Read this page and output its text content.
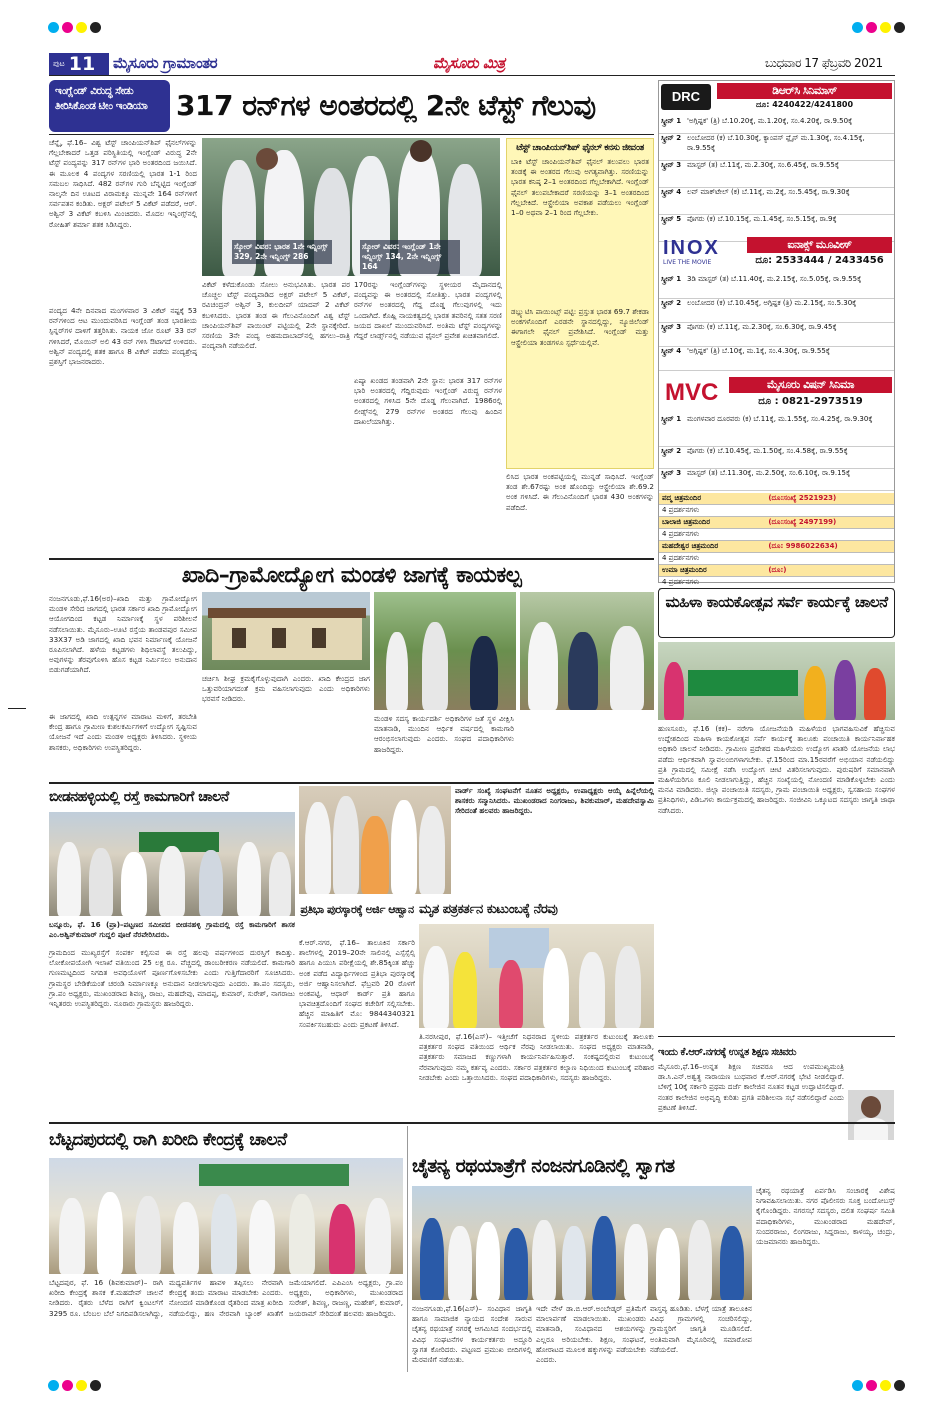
ಪುಟ 11 ಮೈಸೂರು ಗ್ರಾಮಾಂತರ	ಮೈಸೂರು ಮಿತ್ರ	ಬುಧವಾರ 17 ಫೆಬ್ರವರಿ 2021
ಇಂಗ್ಲೆಂಡ್ ವಿರುದ್ಧ ಸೇಡು ತೀರಿಸಿಕೊಂಡ ಟೀಂ ಇಂಡಿಯಾ	317 ರನ್‌ಗಳ ಅಂತರದಲ್ಲಿ 2ನೇ ಟೆಸ್ಟ್ ಗೆಲುವು
ಚೆನ್ನೈ, ಫೆ.16– ವಿಶ್ವ ಟೆಸ್ಟ್ ಚಾಂಪಿಯನ್‌ಶಿಪ್ ಫೈನಲ್‌ಗಳನ್ನು ಗೆಲ್ಲಬೇಕಾದರೆ ಒತ್ತಡ ಪರಿಸ್ಥಿತಿಯಲ್ಲಿ ಇಂಗ್ಲೆಂಡ್ ವಿರುದ್ಧ 2ನೇ ಟೆಸ್ಟ್ ಪಂದ್ಯವನ್ನು 317 ರನ್‌ಗಳ ಭಾರಿ ಅಂತರದಿಂದ ಜಯಿಸಿದೆ. ಈ ಮೂಲಕ 4 ಪಂದ್ಯಗಳ ಸರಣಿಯಲ್ಲಿ ಭಾರತ 1-1 ರಿಂದ ಸಮಬಲ ಸಾಧಿಸಿದೆ. 482 ರನ್‌ಗಳ ಗುರಿ ಬೆನ್ನಟ್ಟಿದ ಇಂಗ್ಲೆಂಡ್ ನಾಲ್ಕನೇ ದಿನ ಊಟದ ವಿರಾಮಕ್ಕೂ ಮುನ್ನವೇ 164 ರನ್‌ಗಳಿಗೆ ಸರ್ವಪತನ ಕಂಡಿತು. ಅಕ್ಷರ್ ಪಟೇಲ್ 5 ವಿಕೆಟ್ ಪಡೆದರೆ, ಆರ್. ಅಶ್ವಿನ್ 3 ವಿಕೆಟ್ ಕಬಳಿಸಿ ಮಿಂಚಿದರು. ಮೊದಲ ಇನ್ನಿಂಗ್ಸ್‌ನಲ್ಲಿ ರೋಹಿತ್ ಶರ್ಮಾ ಶತಕ ಸಿಡಿಸಿದ್ದರು.
ಪಂದ್ಯದ 4ನೇ ದಿನವಾದ ಮಂಗಳವಾರ 3 ವಿಕೆಟ್ ನಷ್ಟಕ್ಕೆ 53 ರನ್‌ಗಳಿಂದ ಆಟ ಮುಂದುವರಿಸಿದ ಇಂಗ್ಲೆಂಡ್ ತಂಡ ಭಾರತೀಯ ಸ್ಪಿನ್ನರ್‌ಗಳ ದಾಳಿಗೆ ತತ್ತರಿಸಿತು. ನಾಯಕ ಜೋ ರೂಟ್ 33 ರನ್ ಗಳಿಸಿದರೆ, ಮೊಯಿನ್ ಅಲಿ 43 ರನ್ ಗಳಿಸಿ ಔಟಾಗದೆ ಉಳಿದರು. ಅಶ್ವಿನ್ ಪಂದ್ಯದಲ್ಲಿ ಶತಕ ಹಾಗೂ 8 ವಿಕೆಟ್ ಪಡೆದು ಪಂದ್ಯಶ್ರೇಷ್ಠ ಪ್ರಶಸ್ತಿಗೆ ಭಾಜನರಾದರು.
ಸ್ಕೋರ್ ವಿವರ: ಭಾರತ 1ನೇ ಇನ್ನಿಂಗ್ಸ್ 329, 2ನೇ ಇನ್ನಿಂಗ್ಸ್ 286
ಸ್ಕೋರ್ ವಿವರ: ಇಂಗ್ಲೆಂಡ್ 1ನೇ ಇನ್ನಿಂಗ್ಸ್ 134, 2ನೇ ಇನ್ನಿಂಗ್ಸ್ 164
ವಿಕೆಟ್ ಕಳೆದುಕೊಂಡು ಸೋಲು ಅನುಭವಿಸಿತು. ಭಾರತ ಪರ ಚೊಚ್ಚಲ ಟೆಸ್ಟ್ ಪಂದ್ಯವಾಡಿದ ಅಕ್ಷರ್ ಪಟೇಲ್ 5 ವಿಕೆಟ್, ರವಿಚಂದ್ರನ್ ಅಶ್ವಿನ್ 3, ಕುಲದೀಪ್ ಯಾದವ್ 2 ವಿಕೆಟ್ ಕಬಳಿಸಿದರು. ಭಾರತ ತಂಡ ಈ ಗೆಲುವಿನೊಂದಿಗೆ ವಿಶ್ವ ಟೆಸ್ಟ್ ಚಾಂಪಿಯನ್‌ಶಿಪ್ ಪಾಯಿಂಟ್ ಪಟ್ಟಿಯಲ್ಲಿ 2ನೇ ಸ್ಥಾನಕ್ಕೇರಿದೆ. ಸರಣಿಯ 3ನೇ ಪಂದ್ಯ ಅಹಮದಾಬಾದ್‌ನಲ್ಲಿ ಹಗಲು–ರಾತ್ರಿ ಪಂದ್ಯವಾಗಿ ನಡೆಯಲಿದೆ.
170ರನ್ನು ಇಂಗ್ಲೆಂಡ್‌ಗಳನ್ನು ಸ್ಥಳೀಯರ ಮೈದಾನದಲ್ಲಿ ಪಂದ್ಯವನ್ನು ಈ ಅಂತರದಲ್ಲಿ ಸೋತಿತ್ತು. ಭಾರತ ಪಂದ್ಯಗಳಲ್ಲಿ ರನ್‌ಗಳ ಅಂತರದಲ್ಲಿ ಗೆದ್ದ ದೊಡ್ಡ ಗೆಲುವುಗಳಲ್ಲಿ ಇದು ಒಂದಾಗಿದೆ. ಕೊಹ್ಲಿ ನಾಯಕತ್ವದಲ್ಲಿ ಭಾರತ ತವರಿನಲ್ಲಿ ಸತತ ಸರಣಿ ಜಯದ ದಾಖಲೆ ಮುಂದುವರಿಸಿದೆ. ಅಂತಿಮ ಟೆಸ್ಟ್ ಪಂದ್ಯಗಳನ್ನು ಗೆದ್ದರೆ ಲಾರ್ಡ್ಸ್‌ನಲ್ಲಿ ನಡೆಯುವ ಫೈನಲ್ ಪ್ರವೇಶ ಖಚಿತವಾಗಲಿದೆ.
ಏಷ್ಯಾ ಖಂಡದ ತಂಡವಾಗಿ 2ನೇ ಸ್ಥಾನ: ಭಾರತ 317 ರನ್‌ಗಳ ಭಾರಿ ಅಂತರದಲ್ಲಿ ಗೆದ್ದಿರುವುದು ಇಂಗ್ಲೆಂಡ್ ವಿರುದ್ಧ ರನ್‌ಗಳ ಅಂತರದಲ್ಲಿ ಗಳಿಸಿದ 5ನೇ ದೊಡ್ಡ ಗೆಲುವಾಗಿದೆ. 1986ರಲ್ಲಿ ಲೀಡ್ಸ್‌ನಲ್ಲಿ 279 ರನ್‌ಗಳ ಅಂತರದ ಗೆಲುವು ಹಿಂದಿನ ದಾಖಲೆಯಾಗಿತ್ತು.
ಟೆಸ್ಟ್ ಚಾಂಪಿಯನ್‌ಶಿಪ್ ಫೈನಲ್ ಕನಸು ಜೀವಂತ
ಬಾಕಿ ಟೆಸ್ಟ್ ಚಾಂಪಿಯನ್‌ಶಿಪ್ ಫೈನಲ್ ತಲುಪಲು ಭಾರತ ತಂಡಕ್ಕೆ ಈ ಅಂತರದ ಗೆಲುವು ಅಗತ್ಯವಾಗಿತ್ತು. ಸರಣಿಯನ್ನು ಭಾರತ ಕನಿಷ್ಠ 2–1 ಅಂತರದಿಂದ ಗೆಲ್ಲಬೇಕಾಗಿದೆ. ಇಂಗ್ಲೆಂಡ್ ಫೈನಲ್ ತಲುಪಬೇಕಾದರೆ ಸರಣಿಯನ್ನು 3–1 ಅಂತರದಿಂದ ಗೆಲ್ಲಬೇಕಿದೆ. ಆಸ್ಟ್ರೇಲಿಯಾ ಅವಕಾಶ ಪಡೆಯಲು ಇಂಗ್ಲೆಂಡ್ 1–0 ಅಥವಾ 2–1 ರಿಂದ ಗೆಲ್ಲಬೇಕು.
ಡಬ್ಲ್ಯುಟಿಸಿ ಪಾಯಿಂಟ್ಸ್ ಪಟ್ಟಿ: ಪ್ರಸ್ತುತ ಭಾರತ 69.7 ಶೇಕಡಾ ಅಂಕಗಳೊಂದಿಗೆ ಎರಡನೇ ಸ್ಥಾನದಲ್ಲಿದ್ದು, ನ್ಯೂಜಿಲೆಂಡ್ ಈಗಾಗಲೇ ಫೈನಲ್ ಪ್ರವೇಶಿಸಿದೆ. ಇಂಗ್ಲೆಂಡ್ ಮತ್ತು ಆಸ್ಟ್ರೇಲಿಯಾ ತಂಡಗಳೂ ಸ್ಪರ್ಧೆಯಲ್ಲಿವೆ.
ಲಿಸಿದ ಭಾರತ ಅಂಕಪಟ್ಟಿಯಲ್ಲಿ ಮುನ್ನಡೆ ಸಾಧಿಸಿದೆ. ಇಂಗ್ಲೆಂಡ್ ತಂಡ ಶೇ.67ರಷ್ಟು ಅಂಕ ಹೊಂದಿದ್ದು ಆಸ್ಟ್ರೇಲಿಯಾ ಶೇ.69.2 ಅಂಕ ಗಳಿಸಿದೆ. ಈ ಗೆಲುವಿನೊಂದಿಗೆ ಭಾರತ 430 ಅಂಕಗಳನ್ನು ಪಡೆದಿದೆ.
DRC	ಡಿಆರ್‌ಸಿ ಸಿನಿಮಾಸ್
ದೂ: 4240422/4241800
ಸ್ಕ್ರೀನ್ 1 'ಅಗ್ಗಿಷ್ಟಕ' (ತ್ರಿ) ಬೆ.10.20ಕ್ಕೆ, ಮ.1.20ಕ್ಕೆ, ಸಂ.4.20ಕ್ಕೆ, ರಾ.9.50ಕ್ಕೆ
ಸ್ಕ್ರೀನ್ 2 ಲಂಬೋದರ (ಕ) ಬೆ.10.30ಕ್ಕೆ, ಕ್ಯಾಂಪಸ್ ಫ್ಲೈಸ್ ಮ.1.30ಕ್ಕೆ, ಸಂ.4.15ಕ್ಕೆ, ರಾ.9.55ಕ್ಕೆ
ಸ್ಕ್ರೀನ್ 3 ಮಾಸ್ಟರ್ (ತ) ಬೆ.11ಕ್ಕೆ, ಮ.2.30ಕ್ಕೆ, ಸಂ.6.45ಕ್ಕೆ, ರಾ.9.55ಕ್ಕೆ
ಸ್ಕ್ರೀನ್ 4 ಲವ್ ಮಾಕ್‌ಟೇಲ್ (ಕ) ಬೆ.11ಕ್ಕೆ, ಮ.2ಕ್ಕೆ, ಸಂ.5.45ಕ್ಕೆ, ರಾ.9.30ಕ್ಕೆ
ಸ್ಕ್ರೀನ್ 5 ಪೊಗರು (ಕ) ಬೆ.10.15ಕ್ಕೆ, ಮ.1.45ಕ್ಕೆ, ಸಂ.5.15ಕ್ಕೆ, ರಾ.9ಕ್ಕೆ
INOX
LIVE THE MOVIE
ಐನಾಕ್ಸ್ ಮೂವೀಸ್
ದೂ: 2533444 / 2433456
ಸ್ಕ್ರೀನ್ 1 3ಡಿ ಮಾಸ್ಟರ್ (ತ) ಬೆ.11.40ಕ್ಕೆ, ಮ.2.15ಕ್ಕೆ, ಸಂ.5.05ಕ್ಕೆ, ರಾ.9.55ಕ್ಕೆ
ಸ್ಕ್ರೀನ್ 2 ಲಂಬೋದರ (ಕ) ಬೆ.10.45ಕ್ಕೆ, ಅಗ್ಗಿಷ್ಟಕ (ತ್ರಿ) ಮ.2.15ಕ್ಕೆ, ಸಂ.5.30ಕ್ಕೆ
ಸ್ಕ್ರೀನ್ 3 ಪೊಗರು (ಕ) ಬೆ.11ಕ್ಕೆ, ಮ.2.30ಕ್ಕೆ, ಸಂ.6.30ಕ್ಕೆ, ರಾ.9.45ಕ್ಕೆ
ಸ್ಕ್ರೀನ್ 4 'ಅಗ್ಗಿಷ್ಟಕ' (ತ್ರಿ) ಬೆ.10ಕ್ಕೆ, ಮ.1ಕ್ಕೆ, ಸಂ.4.30ಕ್ಕೆ, ರಾ.9.55ಕ್ಕೆ
MVC	ಮೈಸೂರು ವಿಷನ್ ಸಿನಿಮಾ
ದೂ : 0821-2973519
ಸ್ಕ್ರೀನ್ 1 ಮಂಗಳವಾರ ದೂರವರು (ಕ) ಬೆ.11ಕ್ಕೆ, ಮ.1.55ಕ್ಕೆ, ಸಂ.4.25ಕ್ಕೆ, ರಾ.9.30ಕ್ಕೆ
ಸ್ಕ್ರೀನ್ 2 ಪೊಗರು (ಕ) ಬೆ.10.45ಕ್ಕೆ, ಮ.1.50ಕ್ಕೆ, ಸಂ.4.58ಕ್ಕೆ, ರಾ.9.55ಕ್ಕೆ
ಸ್ಕ್ರೀನ್ 3 ಮಾಸ್ಟರ್ (ತ) ಬೆ.11.30ಕ್ಕೆ, ಮ.2.50ಕ್ಕೆ, ಸಂ.6.10ಕ್ಕೆ, ರಾ.9.15ಕ್ಕೆ
ಪದ್ಮ ಚಿತ್ರಮಂದಿರ	(ದೂ:ಸಂಖ್ಯೆ 2521923)
4 ಪ್ರದರ್ಶನಗಳು	
ಬಾಲಾಜಿ ಚಿತ್ರಮಂದಿರ	(ದೂ:ಸಂಖ್ಯೆ 2497199)
4 ಪ್ರದರ್ಶನಗಳು	
ಮಹದೇಶ್ವರ ಚಿತ್ರಮಂದಿರ	(ದೂ: 9986022634)
4 ಪ್ರದರ್ಶನಗಳು	
ಉಮಾ ಚಿತ್ರಮಂದಿರ	(ದೂ:)
4 ಪ್ರದರ್ಶನಗಳು	
ಖಾದಿ–ಗ್ರಾಮೋದ್ಯೋಗ ಮಂಡಳಿ ಜಾಗಕ್ಕೆ ಕಾಯಕಲ್ಪ
ನಂಜನಗೂಡು,ಫೆ.16(ಅರ)–ಖಾದಿ ಮತ್ತು ಗ್ರಾಮೋದ್ಯೋಗ ಮಂಡಳಿ ಸೇರಿದ ಜಾಗದಲ್ಲಿ ಭಾರತ ಸರ್ಕಾರ ಖಾದಿ ಗ್ರಾಮೋದ್ಯೋಗ ಆಯೋಗದಿಂದ ಕಟ್ಟಡ ನಿರ್ಮಾಣಕ್ಕೆ ಸ್ಥಳ ಪರಿಶೀಲನೆ ನಡೆಸಲಾಯಿತು. ಮೈಸೂರು–ಊಟಿ ರಸ್ತೆಯ ತಾಂಡವಪುರ ಸಮೀಪ 33X37 ಅಡಿ ಜಾಗದಲ್ಲಿ ಖಾದಿ ಭವನ ನಿರ್ಮಾಣಕ್ಕೆ ಯೋಜನೆ ರೂಪಿಸಲಾಗಿದೆ. ಹಳೆಯ ಕಟ್ಟಡಗಳು ಶಿಥಿಲಾವಸ್ಥೆ ತಲುಪಿದ್ದು, ಅವುಗಳನ್ನು ತೆರವುಗೊಳಿಸಿ ಹೊಸ ಕಟ್ಟಡ ನಿರ್ಮಿಸಲು ಅನುದಾನ ಬಿಡುಗಡೆಯಾಗಿದೆ.
ಈ ಜಾಗದಲ್ಲಿ ಖಾದಿ ಉತ್ಪನ್ನಗಳ ಮಾರಾಟ ಮಳಿಗೆ, ತರಬೇತಿ ಕೇಂದ್ರ ಹಾಗೂ ಗ್ರಾಮೀಣ ಕುಶಲಕರ್ಮಿಗಳಿಗೆ ಉದ್ಯೋಗ ಸೃಷ್ಟಿಸುವ ಯೋಜನೆ ಇದೆ ಎಂದು ಮಂಡಳಿ ಅಧ್ಯಕ್ಷರು ತಿಳಿಸಿದರು. ಸ್ಥಳೀಯ ಶಾಸಕರು, ಅಧಿಕಾರಿಗಳು ಉಪಸ್ಥಿತರಿದ್ದರು.
ಚರ್ಚಿಸಿ ಶೀಘ್ರ ಕ್ರಮಕೈಗೊಳ್ಳುವುದಾಗಿ ಎಂದರು. ಖಾದಿ ಕೇಂದ್ರದ ಜಾಗ ಒತ್ತುವರಿಯಾಗದಂತೆ ಕ್ರಮ ವಹಿಸಲಾಗುವುದು ಎಂದು ಅಧಿಕಾರಿಗಳು ಭರವಸೆ ನೀಡಿದರು.
ಮಂಡಳಿ ಸದಸ್ಯ ಕಾರ್ಯದರ್ಶಿ ಅಧಿಕಾರಿಗಳ ಜತೆ ಸ್ಥಳ ವೀಕ್ಷಿಸಿ ಮಾತನಾಡಿ, ಮುಂದಿನ ಆರ್ಥಿಕ ವರ್ಷದಲ್ಲಿ ಕಾಮಗಾರಿ ಆರಂಭಿಸಲಾಗುವುದು ಎಂದರು. ಸಂಘದ ಪದಾಧಿಕಾರಿಗಳು ಹಾಜರಿದ್ದರು.
ಮಹಿಳಾ ಕಾಯಕೋತ್ಸವ ಸರ್ವೆ ಕಾರ್ಯಕ್ಕೆ ಚಾಲನೆ
ಹುಣಸೂರು, ಫೆ.16 (ಕಕ)– ನರೇಗಾ ಯೋಜನೆಯಡಿ ಮಹಿಳೆಯರ ಭಾಗವಹಿಸುವಿಕೆ ಹೆಚ್ಚಿಸುವ ಉದ್ದೇಶದಿಂದ ಮಹಿಳಾ ಕಾಯಕೋತ್ಸವ ಸರ್ವೆ ಕಾರ್ಯಕ್ಕೆ ತಾಲೂಕು ಪಂಚಾಯಿತಿ ಕಾರ್ಯನಿರ್ವಾಹಕ ಅಧಿಕಾರಿ ಚಾಲನೆ ನೀಡಿದರು. ಗ್ರಾಮೀಣ ಪ್ರದೇಶದ ಮಹಿಳೆಯರು ಉದ್ಯೋಗ ಖಾತರಿ ಯೋಜನೆಯ ಲಾಭ ಪಡೆದು ಆರ್ಥಿಕವಾಗಿ ಸ್ವಾವಲಂಬಿಗಳಾಗಬೇಕು. ಫೆ.15ರಿಂದ ಮಾ.15ರವರೆಗೆ ಅಭಿಯಾನ ನಡೆಯಲಿದ್ದು ಪ್ರತಿ ಗ್ರಾಮದಲ್ಲಿ ಸಮೀಕ್ಷೆ ನಡೆಸಿ ಉದ್ಯೋಗ ಚೀಟಿ ವಿತರಿಸಲಾಗುವುದು. ಪುರುಷರಿಗೆ ಸಮಾನವಾಗಿ ಮಹಿಳೆಯರಿಗೂ ಕೂಲಿ ನೀಡಲಾಗುತ್ತಿದ್ದು, ಹೆಚ್ಚಿನ ಸಂಖ್ಯೆಯಲ್ಲಿ ನೋಂದಣಿ ಮಾಡಿಕೊಳ್ಳಬೇಕು ಎಂದು ಮನವಿ ಮಾಡಿದರು. ಜಿಲ್ಲಾ ಪಂಚಾಯಿತಿ ಸದಸ್ಯರು, ಗ್ರಾಮ ಪಂಚಾಯಿತಿ ಅಧ್ಯಕ್ಷರು, ಸ್ವಸಹಾಯ ಸಂಘಗಳ ಪ್ರತಿನಿಧಿಗಳು, ಪಿಡಿಒಗಳು ಕಾರ್ಯಕ್ರಮದಲ್ಲಿ ಹಾಜರಿದ್ದರು. ಸಂಜೀವಿನಿ ಒಕ್ಕೂಟದ ಸದಸ್ಯರು ಜಾಗೃತಿ ಜಾಥಾ ನಡೆಸಿದರು.
ಬೀಡನಹಳ್ಳಿಯಲ್ಲಿ ರಸ್ತೆ ಕಾಮಗಾರಿಗೆ ಚಾಲನೆ
ಬನ್ನೂರು, ಫೆ. 16 (ಪ್ರಾ)–ಪಟ್ಟಣದ ಸಮೀಪದ ಬೀಡನಹಳ್ಳಿ ಗ್ರಾಮದಲ್ಲಿ ರಸ್ತೆ ಕಾಮಗಾರಿಗೆ ಶಾಸಕ ಎಂ.ಅಶ್ವಿನ್‌ಕುಮಾರ್ ಗುದ್ದಲಿ ಪೂಜೆ ನೆರವೇರಿಸಿದರು.
ಗ್ರಾಮದಿಂದ ಮುಖ್ಯರಸ್ತೆಗೆ ಸಂಪರ್ಕ ಕಲ್ಪಿಸುವ ಈ ರಸ್ತೆ ಹಲವು ವರ್ಷಗಳಿಂದ ದುರಸ್ತಿಗೆ ಕಾದಿತ್ತು. ಲೋಕೋಪಯೋಗಿ ಇಲಾಖೆ ವತಿಯಿಂದ 25 ಲಕ್ಷ ರೂ. ವೆಚ್ಚದಲ್ಲಿ ಡಾಂಬರೀಕರಣ ನಡೆಯಲಿದೆ. ಕಾಮಗಾರಿ ಗುಣಮಟ್ಟದಿಂದ ನಿಗದಿತ ಅವಧಿಯೊಳಗೆ ಪೂರ್ಣಗೊಳಿಸಬೇಕು ಎಂದು ಗುತ್ತಿಗೆದಾರರಿಗೆ ಸೂಚಿಸಿದರು. ಗ್ರಾಮಸ್ಥರ ಬೇಡಿಕೆಯಂತೆ ಚರಂಡಿ ನಿರ್ಮಾಣಕ್ಕೂ ಅನುದಾನ ನೀಡಲಾಗುವುದು ಎಂದರು. ತಾ.ಪಂ ಸದಸ್ಯರು, ಗ್ರಾ.ಪಂ ಅಧ್ಯಕ್ಷರು, ಮುಖಂಡರಾದ ಶಿವಣ್ಣ, ರಾಜು, ಮಹದೇವು, ಮಾದಪ್ಪ, ಕುಮಾರ್, ಸುರೇಶ್, ನಾಗರಾಜು ಇನ್ನಿತರರು ಉಪಸ್ಥಿತರಿದ್ದರು. ನೂರಾರು ಗ್ರಾಮಸ್ಥರು ಹಾಜರಿದ್ದರು.
ವಾರ್ಡ್ ಸಂಖ್ಯೆ ಸಂಘಟನೆಗೆ ನೂತನ ಅಧ್ಯಕ್ಷರು, ಉಪಾಧ್ಯಕ್ಷರು ಆಯ್ಕೆ ಹಿನ್ನೆಲೆಯಲ್ಲಿ ಶಾಸಕರು ಸನ್ಮಾನಿಸಿದರು. ಮುಖಂಡರಾದ ನಿಂಗರಾಜು, ಶಿವಕುಮಾರ್, ಮಹದೇವಸ್ವಾಮಿ ಸೇರಿದಂತೆ ಹಲವರು ಹಾಜರಿದ್ದರು.
ಪ್ರತಿಭಾ ಪುರಸ್ಕಾರಕ್ಕೆ ಅರ್ಜಿ ಆಹ್ವಾನ
ಕೆ.ಆರ್.ನಗರ, ಫೆ.16– ತಾಲೂಕಿನ ಸರ್ಕಾರಿ ಶಾಲೆಗಳಲ್ಲಿ 2019–20ನೇ ಸಾಲಿನಲ್ಲಿ ಎಸ್ಸೆಸ್ಸೆಲ್ಸಿ ಹಾಗೂ ಪಿಯುಸಿ ಪರೀಕ್ಷೆಯಲ್ಲಿ ಶೇ.85ಕ್ಕಿಂತ ಹೆಚ್ಚು ಅಂಕ ಪಡೆದ ವಿದ್ಯಾರ್ಥಿಗಳಿಂದ ಪ್ರತಿಭಾ ಪುರಸ್ಕಾರಕ್ಕೆ ಅರ್ಜಿ ಆಹ್ವಾನಿಸಲಾಗಿದೆ. ಫೆಬ್ರವರಿ 20 ರೊಳಗೆ ಅಂಕಪಟ್ಟಿ, ಆಧಾರ್ ಕಾರ್ಡ್ ಪ್ರತಿ ಹಾಗೂ ಭಾವಚಿತ್ರದೊಂದಿಗೆ ಸಂಘದ ಕಚೇರಿಗೆ ಸಲ್ಲಿಸಬೇಕು. ಹೆಚ್ಚಿನ ಮಾಹಿತಿಗೆ ಮೊ: 9844340321 ಸಂಪರ್ಕಿಸಬಹುದು ಎಂದು ಪ್ರಕಟಣೆ ತಿಳಿಸಿದೆ.
ಮೃತ ಪತ್ರಕರ್ತನ ಕುಟುಂಬಕ್ಕೆ ನೆರವು
ತಿ.ನರಸೀಪುರ, ಫೆ.16(ಎಸ್)– ಇತ್ತೀಚೆಗೆ ನಿಧನರಾದ ಸ್ಥಳೀಯ ಪತ್ರಕರ್ತರ ಕುಟುಂಬಕ್ಕೆ ತಾಲೂಕು ಪತ್ರಕರ್ತರ ಸಂಘದ ವತಿಯಿಂದ ಆರ್ಥಿಕ ನೆರವು ನೀಡಲಾಯಿತು. ಸಂಘದ ಅಧ್ಯಕ್ಷರು ಮಾತನಾಡಿ, ಪತ್ರಕರ್ತರು ಸಮಾಜದ ಕಣ್ಣುಗಳಾಗಿ ಕಾರ್ಯನಿರ್ವಹಿಸುತ್ತಾರೆ. ಸಂಕಷ್ಟದಲ್ಲಿರುವ ಕುಟುಂಬಕ್ಕೆ ನೆರವಾಗುವುದು ನಮ್ಮ ಕರ್ತವ್ಯ ಎಂದರು. ಸರ್ಕಾರ ಪತ್ರಕರ್ತರ ಕಲ್ಯಾಣ ನಿಧಿಯಿಂದ ಕುಟುಂಬಕ್ಕೆ ಪರಿಹಾರ ನೀಡಬೇಕು ಎಂದು ಒತ್ತಾಯಿಸಿದರು. ಸಂಘದ ಪದಾಧಿಕಾರಿಗಳು, ಸದಸ್ಯರು ಹಾಜರಿದ್ದರು.
ಇಂದು ಕೆ.ಆರ್.ನಗರಕ್ಕೆ ಉನ್ನತ ಶಿಕ್ಷಣ ಸಚಿವರು
ಮೈಸೂರು,ಫೆ.16–ಉನ್ನತ ಶಿಕ್ಷಣ ಸಚಿವರೂ ಆದ ಉಪಮುಖ್ಯಮಂತ್ರಿ ಡಾ.ಸಿ.ಎನ್.ಅಶ್ವತ್ಥ ನಾರಾಯಣ ಬುಧವಾರ ಕೆ.ಆರ್.ನಗರಕ್ಕೆ ಭೇಟಿ ನೀಡಲಿದ್ದಾರೆ. ಬೆಳಿಗ್ಗೆ 10ಕ್ಕೆ ಸರ್ಕಾರಿ ಪ್ರಥಮ ದರ್ಜೆ ಕಾಲೇಜಿನ ನೂತನ ಕಟ್ಟಡ ಉದ್ಘಾಟಿಸಲಿದ್ದಾರೆ. ನಂತರ ಕಾಲೇಜಿನ ಅಭಿವೃದ್ಧಿ ಕುರಿತು ಪ್ರಗತಿ ಪರಿಶೀಲನಾ ಸಭೆ ನಡೆಸಲಿದ್ದಾರೆ ಎಂದು ಪ್ರಕಟಣೆ ತಿಳಿಸಿದೆ.
ಬೆಟ್ಟದಪುರದಲ್ಲಿ ರಾಗಿ ಖರೀದಿ ಕೇಂದ್ರಕ್ಕೆ ಚಾಲನೆ
ಬೆಟ್ಟದಪುರ, ಫೆ. 16 (ಶಿವಕುಮಾರ್)– ರಾಗಿ ಖರೀದಿ ಕೇಂದ್ರಕ್ಕೆ ಶಾಸಕ ಕೆ.ಮಹದೇವ್ ಚಾಲನೆ ನೀಡಿದರು. ರೈತರು ಬೆಳೆದ ರಾಗಿಗೆ ಕ್ವಿಂಟಲ್‌ಗೆ 3295 ರೂ. ಬೆಂಬಲ ಬೆಲೆ ನಿಗದಿಪಡಿಸಲಾಗಿದ್ದು, ಮಧ್ಯವರ್ತಿಗಳ ಹಾವಳಿ ತಪ್ಪಿಸಲು ನೇರವಾಗಿ ಕೇಂದ್ರಕ್ಕೆ ತಂದು ಮಾರಾಟ ಮಾಡಬೇಕು ಎಂದರು. ನೋಂದಣಿ ಮಾಡಿಕೊಂಡ ರೈತರಿಂದ ಮಾತ್ರ ಖರೀದಿ ನಡೆಯಲಿದ್ದು, ಹಣ ನೇರವಾಗಿ ಬ್ಯಾಂಕ್ ಖಾತೆಗೆ ಜಮೆಯಾಗಲಿದೆ. ಎಪಿಎಂಸಿ ಅಧ್ಯಕ್ಷರು, ಗ್ರಾ.ಪಂ ಅಧ್ಯಕ್ಷರು, ಅಧಿಕಾರಿಗಳು, ಮುಖಂಡರಾದ ಸುರೇಶ್, ಶಿವಣ್ಣ, ರಾಜಣ್ಣ, ಮಹೇಶ್, ಕುಮಾರ್, ಜಯರಾಮ್ ಸೇರಿದಂತೆ ಹಲವರು ಹಾಜರಿದ್ದರು.
ಚೈತನ್ಯ ರಥಯಾತ್ರೆಗೆ ನಂಜನಗೂಡಿನಲ್ಲಿ ಸ್ವಾಗತ
ನಂಜನಗೂಡು,ಫೆ.16(ಎಸ್)– ಸಂವಿಧಾನ ಜಾಗೃತಿ ಹಾಗೂ ಸಾಮಾಜಿಕ ನ್ಯಾಯದ ಸಂದೇಶ ಸಾರುವ ಚೈತನ್ಯ ರಥಯಾತ್ರೆ ನಗರಕ್ಕೆ ಆಗಮಿಸಿದ ಸಂದರ್ಭದಲ್ಲಿ ವಿವಿಧ ಸಂಘಟನೆಗಳ ಕಾರ್ಯಕರ್ತರು ಅದ್ದೂರಿ ಸ್ವಾಗತ ಕೋರಿದರು. ಪಟ್ಟಣದ ಪ್ರಮುಖ ಬೀದಿಗಳಲ್ಲಿ ಮೆರವಣಿಗೆ ನಡೆಯಿತು.
ಇದೇ ವೇಳೆ ಡಾ.ಬಿ.ಆರ್.ಅಂಬೇಡ್ಕರ್ ಪ್ರತಿಮೆಗೆ ಮಾಲಾರ್ಪಣೆ ಮಾಡಲಾಯಿತು. ಮುಖಂಡರು ಮಾತನಾಡಿ, ಸಂವಿಧಾನದ ಆಶಯಗಳನ್ನು ಎಲ್ಲರೂ ಅರಿಯಬೇಕು. ಶಿಕ್ಷಣ, ಸಂಘಟನೆ, ಹೋರಾಟದ ಮೂಲಕ ಹಕ್ಕುಗಳನ್ನು ಪಡೆಯಬೇಕು ಎಂದರು.
ವಾಸ್ತವ್ಯ ಹೂಡಿತು. ಬೆಳಗ್ಗೆ ಯಾತ್ರೆ ತಾಲೂಕಿನ ವಿವಿಧ ಗ್ರಾಮಗಳಲ್ಲಿ ಸಂಚರಿಸಲಿದ್ದು, ಗ್ರಾಮಸ್ಥರಿಗೆ ಜಾಗೃತಿ ಮೂಡಿಸಲಿದೆ. ಅಂತಿಮವಾಗಿ ಮೈಸೂರಿನಲ್ಲಿ ಸಮಾರೋಪ ನಡೆಯಲಿದೆ.
ಚೈತನ್ಯ ರಥಯಾತ್ರೆ ಏರ್ಪಡಿಸಿ ಸಂಚಾರಕ್ಕೆ ವಿಶೇಷ ನಿಗಾವಹಿಸಲಾಯಿತು. ನಗರ ಪೊಲೀಸರು ಸೂಕ್ತ ಬಂದೋಬಸ್ತ್ ಕೈಗೊಂಡಿದ್ದರು. ನಗರಸಭೆ ಸದಸ್ಯರು, ದಲಿತ ಸಂಘರ್ಷ ಸಮಿತಿ ಪದಾಧಿಕಾರಿಗಳು, ಮುಖಂಡರಾದ ಮಹದೇವ್, ಸುಂದರರಾಜು, ಲಿಂಗರಾಜು, ಸಿದ್ದರಾಜು, ಕಾಳಯ್ಯ, ಚಂದ್ರು, ಯಜಮಾನರು ಹಾಜರಿದ್ದರು.
